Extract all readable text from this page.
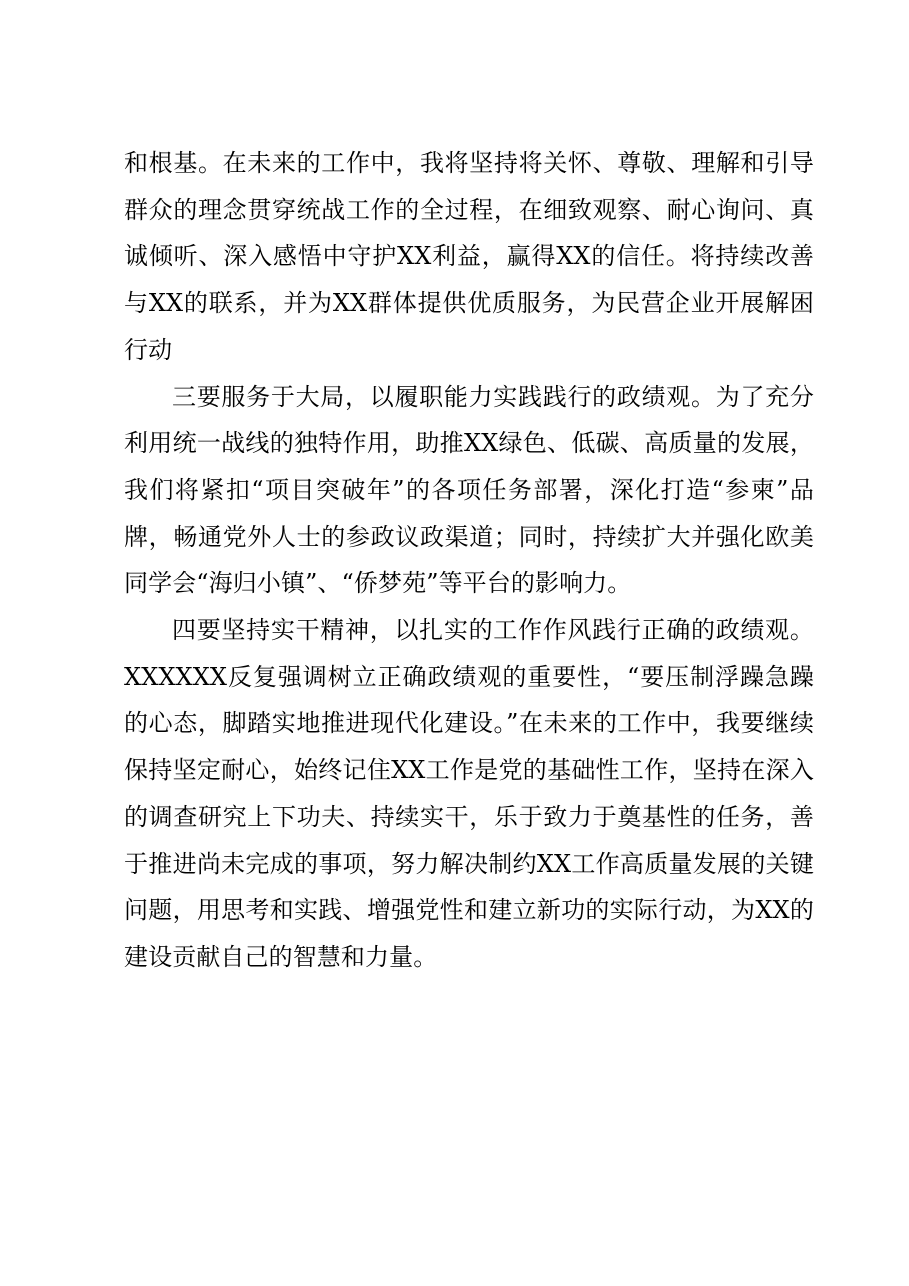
和根基。在未来的工作中，我将坚持将关怀、尊敬、理解和引导群众的理念贯穿统战工作的全过程，在细致观察、耐心询问、真诚倾听、深入感悟中守护XX利益，赢得XX的信任。将持续改善与XX的联系，并为XX群体提供优质服务，为民营企业开展解困行动

三要服务于大局，以履职能力实践践行的政绩观。为了充分利用统一战线的独特作用，助推XX绿色、低碳、高质量的发展，我们将紧扣“项目突破年”的各项任务部署，深化打造“参柬”品牌，畅通党外人士的参政议政渠道；同时，持续扩大并强化欧美同学会“海归小镇”、“侨梦苑”等平台的影响力。

四要坚持实干精神，以扎实的工作作风践行正确的政绩观。XXXXXX反复强调树立正确政绩观的重要性，“要压制浮躁急躁的心态，脚踏实地推进现代化建设。”在未来的工作中，我要继续保持坚定耐心，始终记住XX工作是党的基础性工作，坚持在深入的调查研究上下功夫、持续实干，乐于致力于奠基性的任务，善于推进尚未完成的事项，努力解决制约XX工作高质量发展的关键问题，用思考和实践、增强党性和建立新功的实际行动，为XX的建设贡献自己的智慧和力量。
